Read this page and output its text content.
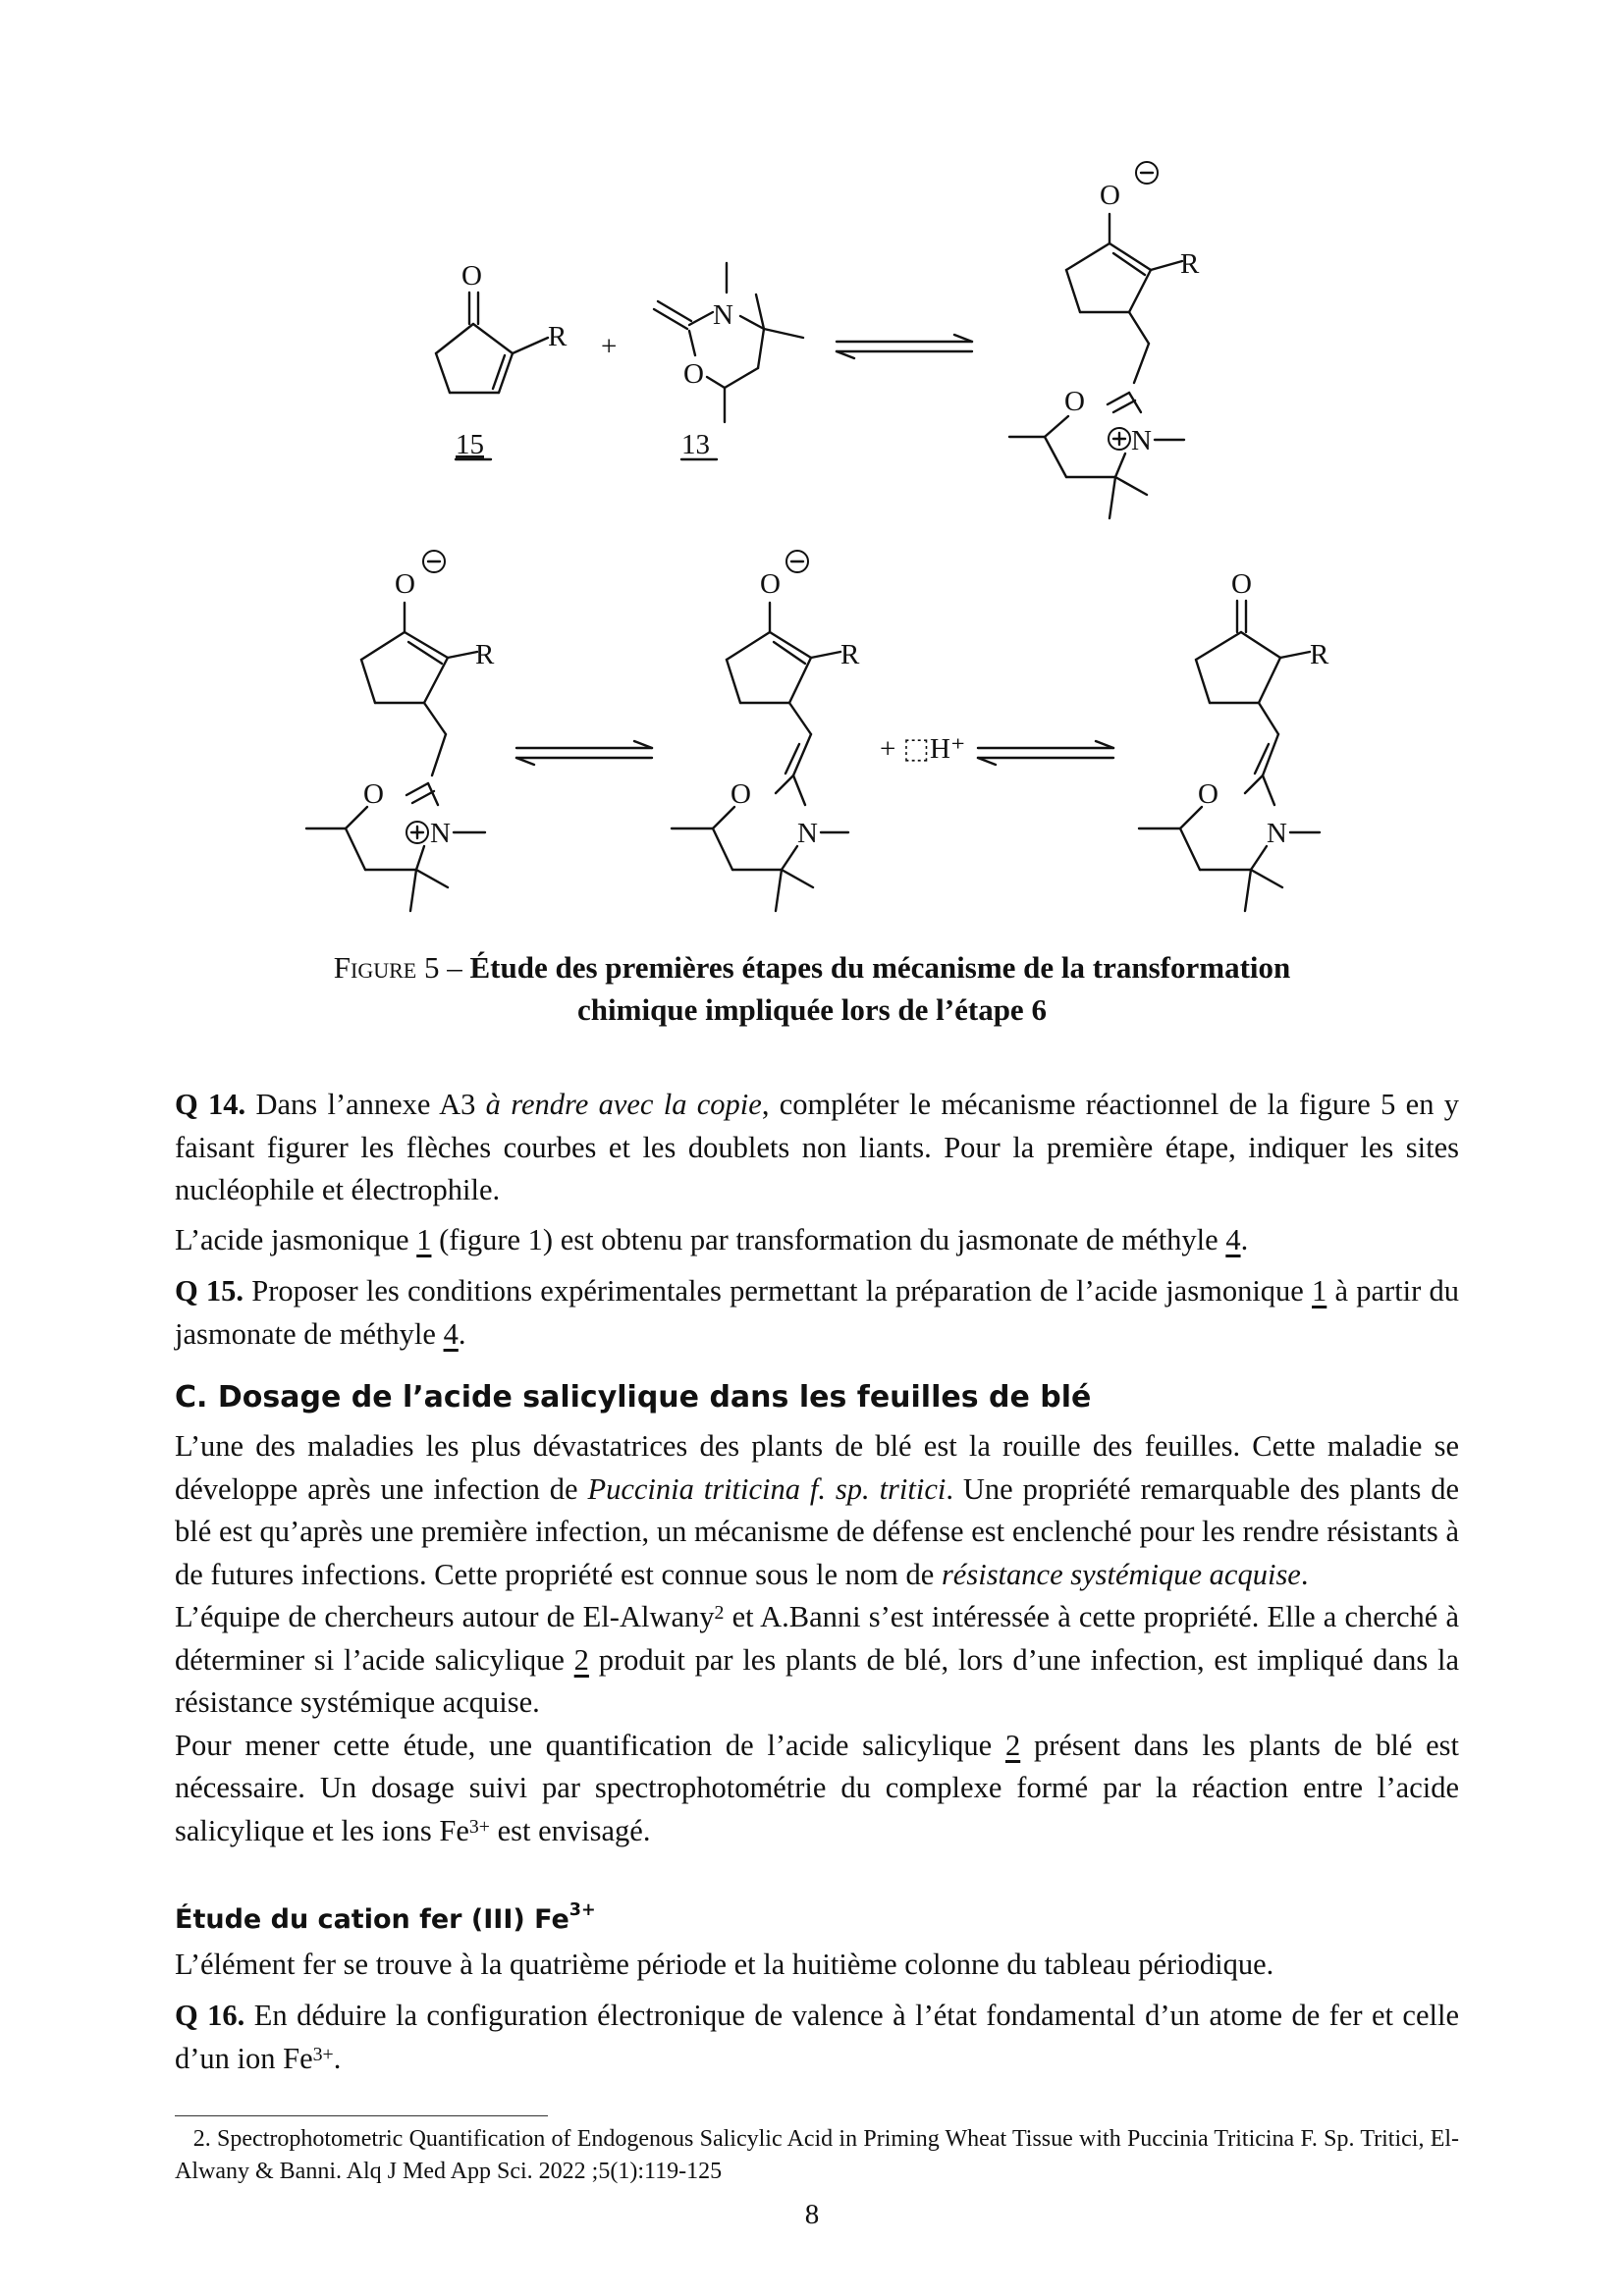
O
R
15
+
N
O
13
O
R
O
N
O
R
O
N
O
R
O
N
+ ⬚H⁺
O
R
O
N
Figure 5 – Étude des premières étapes du mécanisme de la transformation chimique impliquée lors de l’étape 6

Q 14. Dans l’annexe A3 à rendre avec la copie, compléter le mécanisme réactionnel de la figure 5 en y faisant figurer les flèches courbes et les doublets non liants. Pour la première étape, indiquer les sites nucléophile et électrophile.

L’acide jasmonique 1 (figure 1) est obtenu par transformation du jasmonate de méthyle 4.

Q 15. Proposer les conditions expérimentales permettant la préparation de l’acide jasmonique 1 à partir du jasmonate de méthyle 4.

C. Dosage de l’acide salicylique dans les feuilles de blé

L’une des maladies les plus dévastatrices des plants de blé est la rouille des feuilles. Cette maladie se développe après une infection de Puccinia triticina f. sp. tritici. Une propriété remarquable des plants de blé est qu’après une première infection, un mécanisme de défense est enclenché pour les rendre résistants à de futures infections. Cette propriété est connue sous le nom de résistance systémique acquise.

L’équipe de chercheurs autour de El-Alwany$^2$ et A.Banni s’est intéressée à cette propriété. Elle a cherché à déterminer si l’acide salicylique 2 produit par les plants de blé, lors d’une infection, est impliqué dans la résistance systémique acquise.

Pour mener cette étude, une quantification de l’acide salicylique 2 présent dans les plants de blé est nécessaire. Un dosage suivi par spectrophotométrie du complexe formé par la réaction entre l’acide salicylique et les ions $Fe^{3+}$ est envisagé.

Étude du cation fer (III) $Fe^{3+}$

L’élément fer se trouve à la quatrième période et la huitième colonne du tableau périodique.

Q 16. En déduire la configuration électronique de valence à l’état fondamental d’un atome de fer et celle d’un ion $Fe^{3+}$.

2. Spectrophotometric Quantification of Endogenous Salicylic Acid in Priming Wheat Tissue with Puccinia Triticina F. Sp. Tritici, El-Alwany & Banni. Alq J Med App Sci. 2022 ;5(1):119-125
8
